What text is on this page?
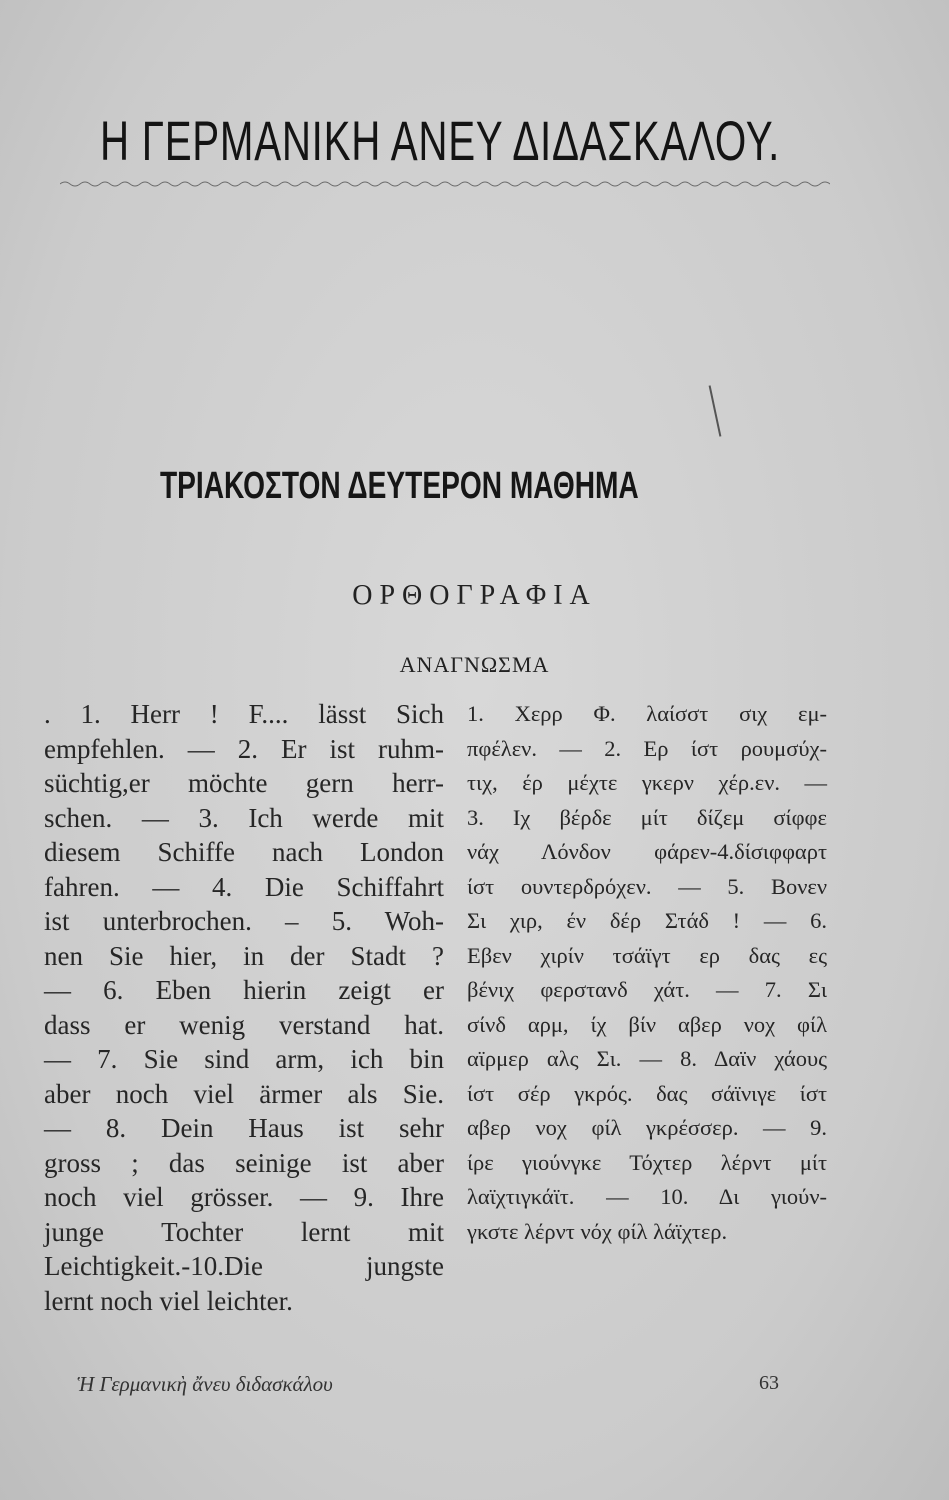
Η ΓΕΡΜΑΝΙΚΗ ΑΝΕΥ ΔΙΔΑΣΚΑΛΟΥ.
ΤΡΙΑΚΟΣΤΟΝ ΔΕΥΤΕΡΟΝ ΜΑΘΗΜΑ
ΟΡΘΟΓΡΑΦΙΑ
ΑΝΑΓΝΩΣΜΑ
. 1. Herr ! F.... lässt Sich
empfehlen. — 2. Er ist ruhm-
süchtig,er möchte gern herr-
schen. — 3. Ich werde mit
diesem Schiffe nach London
fahren. — 4. Die Schiffahrt
ist unterbrochen. – 5. Woh-
nen Sie hier, in der Stadt ?
— 6. Eben hierin zeigt er
dass er wenig verstand hat.
— 7. Sie sind arm, ich bin
aber noch viel ärmer als Sie.
— 8. Dein Haus ist sehr
gross ; das seinige ist aber
noch viel grösser. — 9. Ihre
junge Tochter lernt mit
Leichtigkeit.-10.Die jungste
lernt noch viel leichter.
1. Χερρ Φ. λαίσστ σιχ εμ-
πφέλεν. — 2. Ερ ίστ ρουμσύχ-
τιχ, έρ μέχτε γκερν χέρ.εν. —
3. Ιχ βέρδε μίτ δίζεμ σίφφε
νάχ Λόνδον φάρεν-4.δίσιφφαρτ
ίστ ουντερδρόχεν. — 5. Βονεν
Σι χιρ, έν δέρ Στάδ ! — 6.
Εβεν χιρίν τσάϊγτ ερ δας ες
βένιχ φερστανδ χάτ. — 7. Σι
σίνδ αρμ, ίχ βίν αβερ νοχ φίλ
αϊρμερ αλς Σι. — 8. Δαϊν χάους
ίστ σέρ γκρός. δας σάϊνιγε ίστ
αβερ νοχ φίλ γκρέσσερ. — 9.
ίρε γιούνγκε Τόχτερ λέρντ μίτ
λαϊχτιγκάϊτ. — 10. Δι γιούν-
γκστε λέρντ νόχ φίλ λάϊχτερ.
Ἡ Γερμανικὴ ἄνευ διδασκάλου	63
